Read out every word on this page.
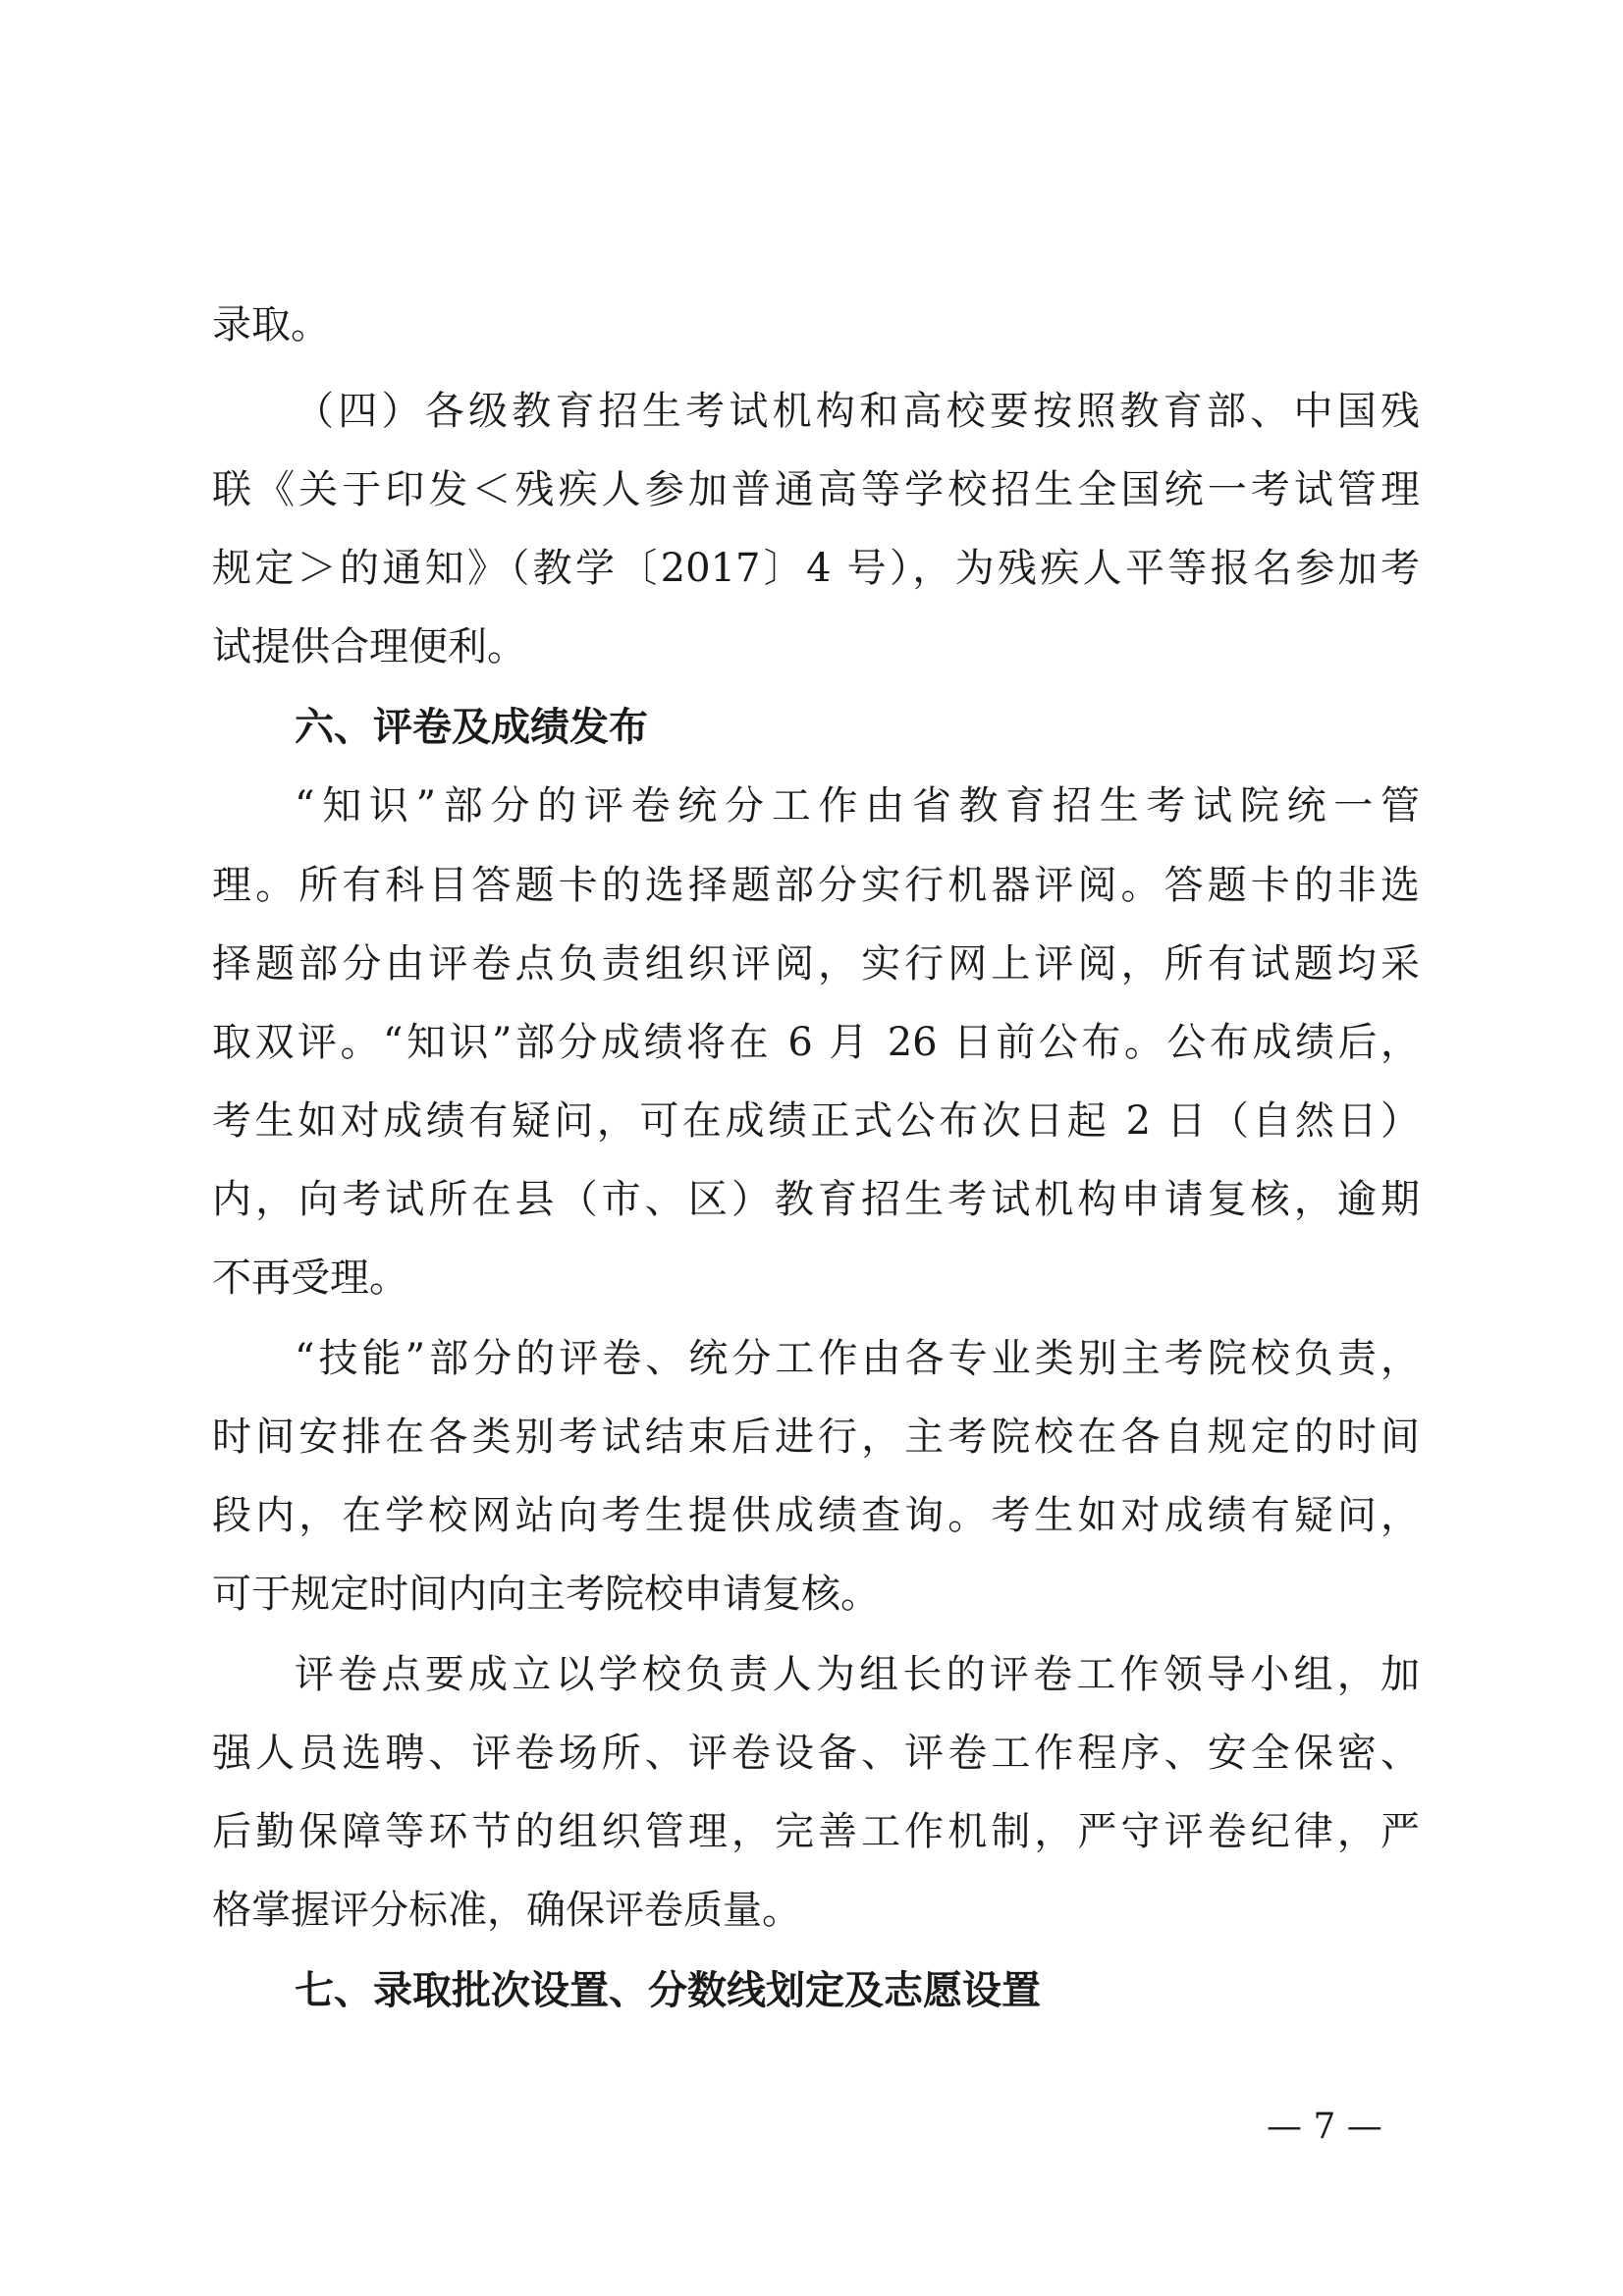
录取。
（四）各级教育招生考试机构和高校要按照教育部、中国残
联《关于印发＜残疾人参加普通高等学校招生全国统一考试管理
规定＞的通知》（教学〔2017〕4 号），为残疾人平等报名参加考
试提供合理便利。
六、评卷及成绩发布
“知识”部分的评卷统分工作由省教育招生考试院统一管
理。所有科目答题卡的选择题部分实行机器评阅。答题卡的非选
择题部分由评卷点负责组织评阅，实行网上评阅，所有试题均采
取双评。“知识”部分成绩将在 6 月 26 日前公布。公布成绩后，
考生如对成绩有疑问，可在成绩正式公布次日起 2 日（自然日）
内，向考试所在县（市、区）教育招生考试机构申请复核，逾期
不再受理。
“技能”部分的评卷、统分工作由各专业类别主考院校负责，
时间安排在各类别考试结束后进行，主考院校在各自规定的时间
段内，在学校网站向考生提供成绩查询。考生如对成绩有疑问，
可于规定时间内向主考院校申请复核。
评卷点要成立以学校负责人为组长的评卷工作领导小组，加
强人员选聘、评卷场所、评卷设备、评卷工作程序、安全保密、
后勤保障等环节的组织管理，完善工作机制，严守评卷纪律，严
格掌握评分标准，确保评卷质量。
七、录取批次设置、分数线划定及志愿设置
— 7 —
